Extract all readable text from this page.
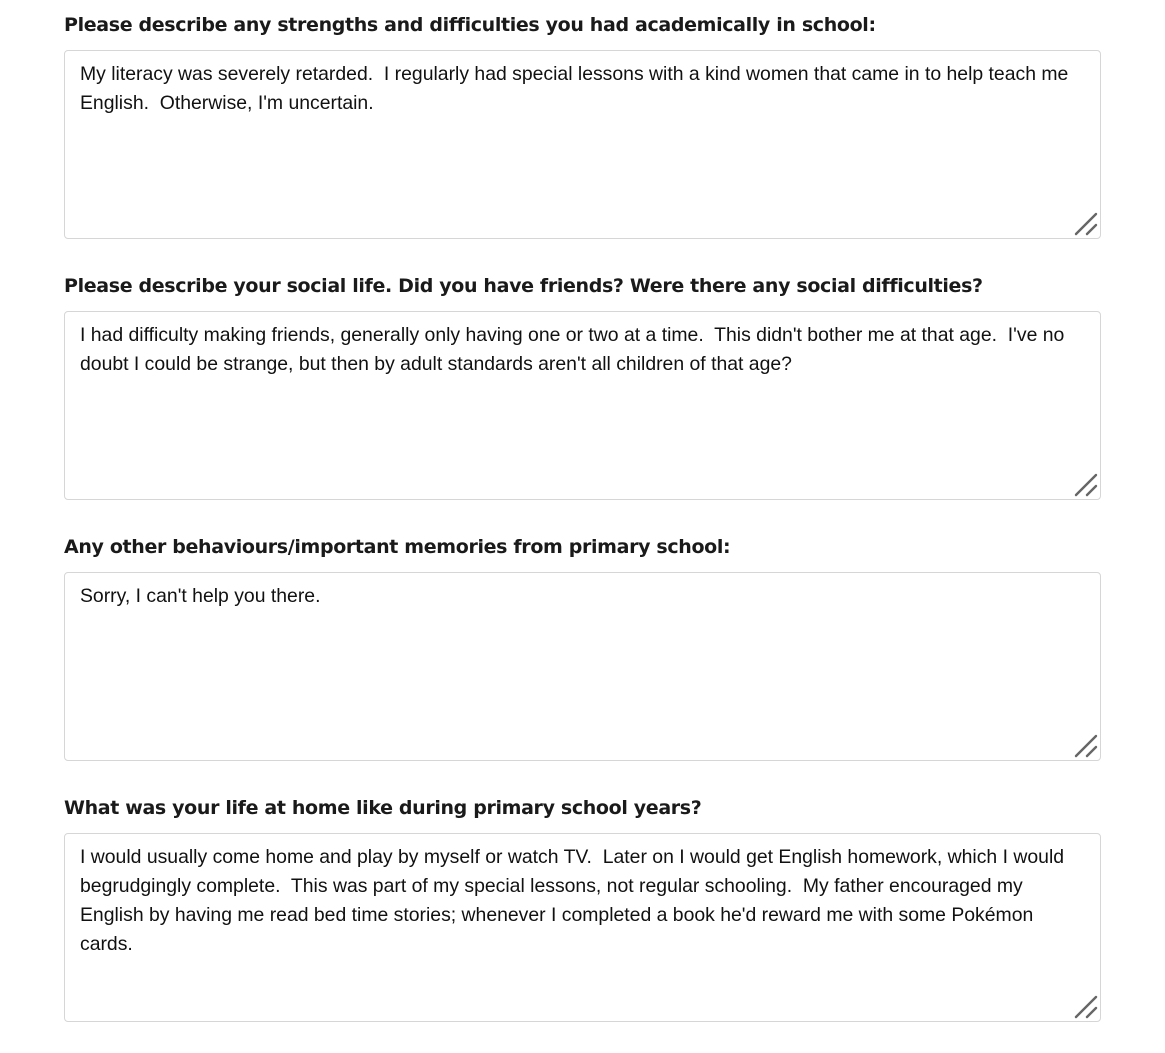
Please describe any strengths and difficulties you had academically in school:

My literacy was severely retarded.  I regularly had special lessons with a kind women that came in to help teach me English.  Otherwise, I'm uncertain.

Please describe your social life. Did you have friends? Were there any social difficulties?

I had difficulty making friends, generally only having one or two at a time.  This didn't bother me at that age.  I've no doubt I could be strange, but then by adult standards aren't all children of that age?

Any other behaviours/important memories from primary school:

Sorry, I can't help you there.

What was your life at home like during primary school years?

I would usually come home and play by myself or watch TV.  Later on I would get English homework, which I would begrudgingly complete.  This was part of my special lessons, not regular schooling.  My father encouraged my English by having me read bed time stories; whenever I completed a book he'd reward me with some Pokémon cards.
